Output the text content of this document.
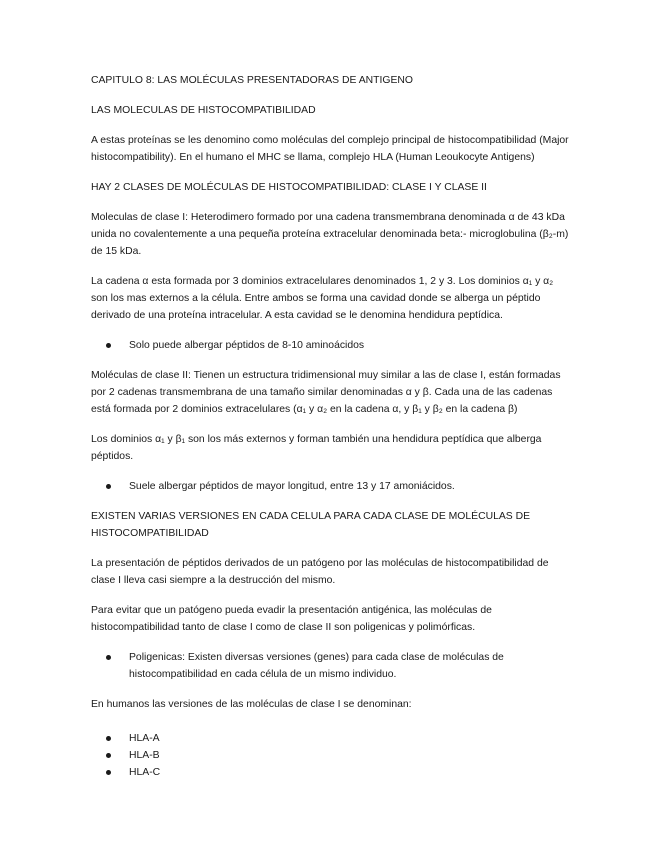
CAPITULO 8: LAS MOLÉCULAS PRESENTADORAS DE ANTIGENO

LAS MOLECULAS DE HISTOCOMPATIBILIDAD

A estas proteínas se les denomino como moléculas del complejo principal de histocompatibilidad (Major histocompatibility). En el humano el MHC se llama, complejo HLA (Human Leoukocyte Antigens)

HAY 2 CLASES DE MOLÉCULAS DE HISTOCOMPATIBILIDAD: CLASE I Y CLASE II

Moleculas de clase I: Heterodimero formado por una cadena transmembrana denominada α de 43 kDa unida no covalentemente a una pequeña proteína extracelular denominada beta:- microglobulina (β₂-m) de 15 kDa.

La cadena α esta formada por 3 dominios extracelulares denominados 1, 2 y 3. Los dominios α₁ y α₂ son los mas externos a la célula. Entre ambos se forma una cavidad donde se alberga un péptido derivado de una proteína intracelular. A esta cavidad se le denomina hendidura peptídica.

Solo puede albergar péptidos de 8-10 aminoácidos

Moléculas de clase II: Tienen un estructura tridimensional muy similar a las de clase I, están formadas por 2 cadenas transmembrana de una tamaño similar denominadas α y β. Cada una de las cadenas está formada por 2 dominios extracelulares (α₁ y α₂ en la cadena α, y β₁ y β₂ en la cadena β)

Los dominios α₁ y β₁ son los más externos y forman también una hendidura peptídica que alberga péptidos.

Suele albergar péptidos de mayor longitud, entre 13 y 17 amoniácidos.

EXISTEN VARIAS VERSIONES EN CADA CELULA PARA CADA CLASE DE MOLÉCULAS DE HISTOCOMPATIBILIDAD

La presentación de péptidos derivados de un patógeno por las moléculas de histocompatibilidad de clase I lleva casi siempre a la destrucción del mismo.

Para evitar que un patógeno pueda evadir la presentación antigénica, las moléculas de histocompatibilidad tanto de clase I como de clase II son poligenicas y polimórficas.

Poligenicas: Existen diversas versiones (genes) para cada clase de moléculas de histocompatibilidad en cada célula de un mismo individuo.

En humanos las versiones de las moléculas de clase I se denominan:

HLA-A
HLA-B
HLA-C
